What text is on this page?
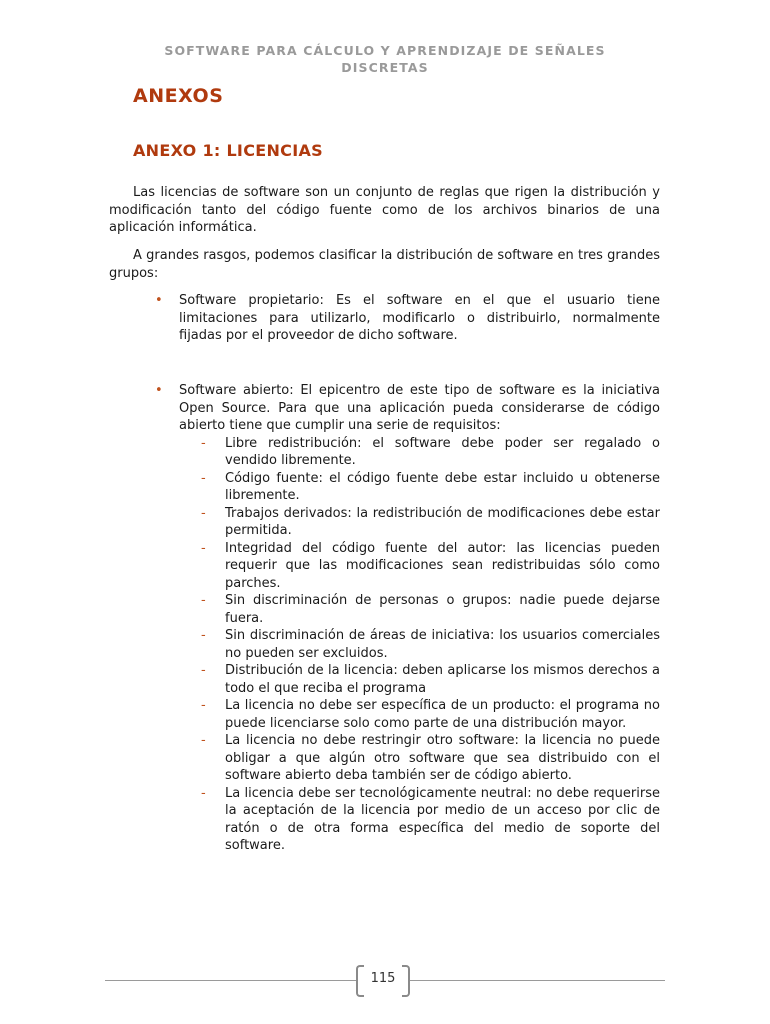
SOFTWARE PARA CÁLCULO Y APRENDIZAJE DE SEÑALES DISCRETAS
ANEXOS
ANEXO 1: LICENCIAS

Las licencias de software son un conjunto de reglas que rigen la distribución y modificación tanto del código fuente como de los archivos binarios de una aplicación informática.

A grandes rasgos, podemos clasificar la distribución de software en tres grandes grupos:

• Software propietario: Es el software en el que el usuario tiene limitaciones para utilizarlo, modificarlo o distribuirlo, normalmente fijadas por el proveedor de dicho software.
• Software abierto: El epicentro de este tipo de software es la iniciativa Open Source. Para que una aplicación pueda considerarse de código abierto tiene que cumplir una serie de requisitos:
- Libre redistribución: el software debe poder ser regalado o vendido libremente.
- Código fuente: el código fuente debe estar incluido u obtenerse libremente.
- Trabajos derivados: la redistribución de modificaciones debe estar permitida.
- Integridad del código fuente del autor: las licencias pueden requerir que las modificaciones sean redistribuidas sólo como parches.
- Sin discriminación de personas o grupos: nadie puede dejarse fuera.
- Sin discriminación de áreas de iniciativa: los usuarios comerciales no pueden ser excluidos.
- Distribución de la licencia: deben aplicarse los mismos derechos a todo el que reciba el programa
- La licencia no debe ser específica de un producto: el programa no puede licenciarse solo como parte de una distribución mayor.
- La licencia no debe restringir otro software: la licencia no puede obligar a que algún otro software que sea distribuido con el software abierto deba también ser de código abierto.
- La licencia debe ser tecnológicamente neutral: no debe requerirse la aceptación de la licencia por medio de un acceso por clic de ratón o de otra forma específica del medio de soporte del software.
115
